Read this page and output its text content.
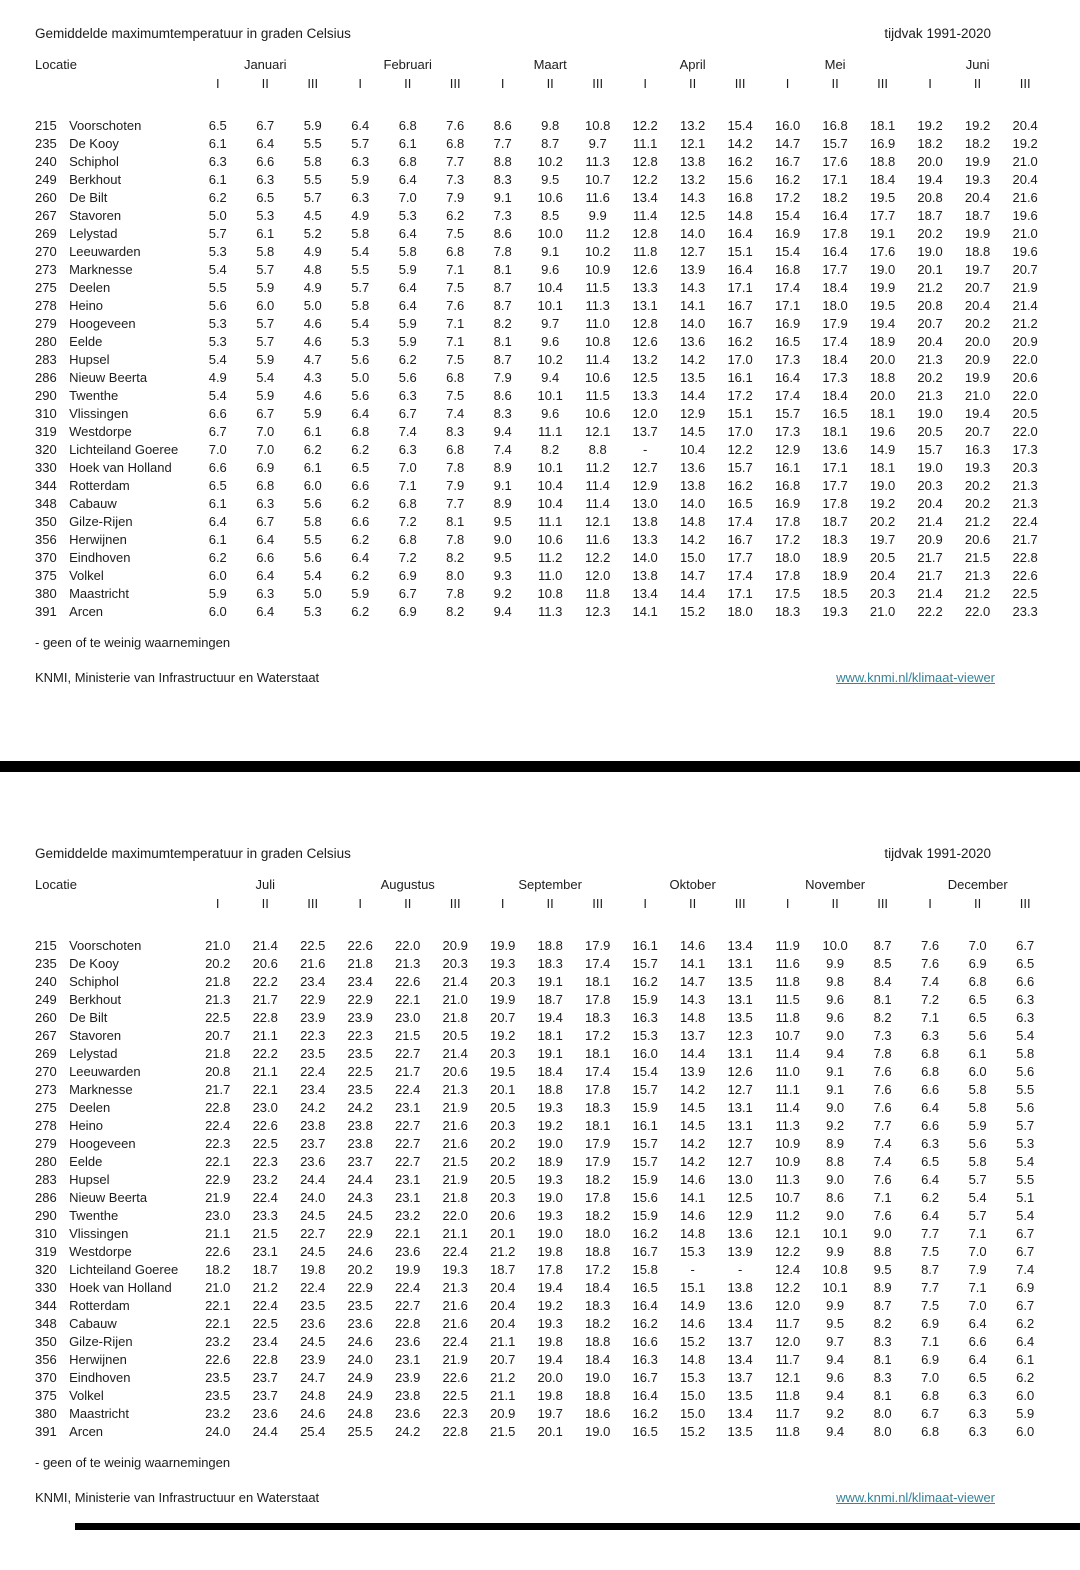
Gemiddelde maximumtemperatuur in graden Celsius	tijdvak 1991-2020
Locatie		Januari			Februari			Maart			April			Mei			Juni		
		I	II	III	I	II	III	I	II	III	I	II	III	I	II	III	I	II	III

215	Voorschoten	6.5	6.7	5.9	6.4	6.8	7.6	8.6	9.8	10.8	12.2	13.2	15.4	16.0	16.8	18.1	19.2	19.2	20.4
235	De Kooy	6.1	6.4	5.5	5.7	6.1	6.8	7.7	8.7	9.7	11.1	12.1	14.2	14.7	15.7	16.9	18.2	18.2	19.2
240	Schiphol	6.3	6.6	5.8	6.3	6.8	7.7	8.8	10.2	11.3	12.8	13.8	16.2	16.7	17.6	18.8	20.0	19.9	21.0
249	Berkhout	6.1	6.3	5.5	5.9	6.4	7.3	8.3	9.5	10.7	12.2	13.2	15.6	16.2	17.1	18.4	19.4	19.3	20.4
260	De Bilt	6.2	6.5	5.7	6.3	7.0	7.9	9.1	10.6	11.6	13.4	14.3	16.8	17.2	18.2	19.5	20.8	20.4	21.6
267	Stavoren	5.0	5.3	4.5	4.9	5.3	6.2	7.3	8.5	9.9	11.4	12.5	14.8	15.4	16.4	17.7	18.7	18.7	19.6
269	Lelystad	5.7	6.1	5.2	5.8	6.4	7.5	8.6	10.0	11.2	12.8	14.0	16.4	16.9	17.8	19.1	20.2	19.9	21.0
270	Leeuwarden	5.3	5.8	4.9	5.4	5.8	6.8	7.8	9.1	10.2	11.8	12.7	15.1	15.4	16.4	17.6	19.0	18.8	19.6
273	Marknesse	5.4	5.7	4.8	5.5	5.9	7.1	8.1	9.6	10.9	12.6	13.9	16.4	16.8	17.7	19.0	20.1	19.7	20.7
275	Deelen	5.5	5.9	4.9	5.7	6.4	7.5	8.7	10.4	11.5	13.3	14.3	17.1	17.4	18.4	19.9	21.2	20.7	21.9
278	Heino	5.6	6.0	5.0	5.8	6.4	7.6	8.7	10.1	11.3	13.1	14.1	16.7	17.1	18.0	19.5	20.8	20.4	21.4
279	Hoogeveen	5.3	5.7	4.6	5.4	5.9	7.1	8.2	9.7	11.0	12.8	14.0	16.7	16.9	17.9	19.4	20.7	20.2	21.2
280	Eelde	5.3	5.7	4.6	5.3	5.9	7.1	8.1	9.6	10.8	12.6	13.6	16.2	16.5	17.4	18.9	20.4	20.0	20.9
283	Hupsel	5.4	5.9	4.7	5.6	6.2	7.5	8.7	10.2	11.4	13.2	14.2	17.0	17.3	18.4	20.0	21.3	20.9	22.0
286	Nieuw Beerta	4.9	5.4	4.3	5.0	5.6	6.8	7.9	9.4	10.6	12.5	13.5	16.1	16.4	17.3	18.8	20.2	19.9	20.6
290	Twenthe	5.4	5.9	4.6	5.6	6.3	7.5	8.6	10.1	11.5	13.3	14.4	17.2	17.4	18.4	20.0	21.3	21.0	22.0
310	Vlissingen	6.6	6.7	5.9	6.4	6.7	7.4	8.3	9.6	10.6	12.0	12.9	15.1	15.7	16.5	18.1	19.0	19.4	20.5
319	Westdorpe	6.7	7.0	6.1	6.8	7.4	8.3	9.4	11.1	12.1	13.7	14.5	17.0	17.3	18.1	19.6	20.5	20.7	22.0
320	Lichteiland Goeree	7.0	7.0	6.2	6.2	6.3	6.8	7.4	8.2	8.8	-	10.4	12.2	12.9	13.6	14.9	15.7	16.3	17.3
330	Hoek van Holland	6.6	6.9	6.1	6.5	7.0	7.8	8.9	10.1	11.2	12.7	13.6	15.7	16.1	17.1	18.1	19.0	19.3	20.3
344	Rotterdam	6.5	6.8	6.0	6.6	7.1	7.9	9.1	10.4	11.4	12.9	13.8	16.2	16.8	17.7	19.0	20.3	20.2	21.3
348	Cabauw	6.1	6.3	5.6	6.2	6.8	7.7	8.9	10.4	11.4	13.0	14.0	16.5	16.9	17.8	19.2	20.4	20.2	21.3
350	Gilze-Rijen	6.4	6.7	5.8	6.6	7.2	8.1	9.5	11.1	12.1	13.8	14.8	17.4	17.8	18.7	20.2	21.4	21.2	22.4
356	Herwijnen	6.1	6.4	5.5	6.2	6.8	7.8	9.0	10.6	11.6	13.3	14.2	16.7	17.2	18.3	19.7	20.9	20.6	21.7
370	Eindhoven	6.2	6.6	5.6	6.4	7.2	8.2	9.5	11.2	12.2	14.0	15.0	17.7	18.0	18.9	20.5	21.7	21.5	22.8
375	Volkel	6.0	6.4	5.4	6.2	6.9	8.0	9.3	11.0	12.0	13.8	14.7	17.4	17.8	18.9	20.4	21.7	21.3	22.6
380	Maastricht	5.9	6.3	5.0	5.9	6.7	7.8	9.2	10.8	11.8	13.4	14.4	17.1	17.5	18.5	20.3	21.4	21.2	22.5
391	Arcen	6.0	6.4	5.3	6.2	6.9	8.2	9.4	11.3	12.3	14.1	15.2	18.0	18.3	19.3	21.0	22.2	22.0	23.3
- geen of te weinig waarnemingen
KNMI, Ministerie van Infrastructuur en Waterstaat	www.knmi.nl/klimaat-viewer
Gemiddelde maximumtemperatuur in graden Celsius	tijdvak 1991-2020
Locatie		Juli			Augustus			September			Oktober			November			December		
		I	II	III	I	II	III	I	II	III	I	II	III	I	II	III	I	II	III

215	Voorschoten	21.0	21.4	22.5	22.6	22.0	20.9	19.9	18.8	17.9	16.1	14.6	13.4	11.9	10.0	8.7	7.6	7.0	6.7
235	De Kooy	20.2	20.6	21.6	21.8	21.3	20.3	19.3	18.3	17.4	15.7	14.1	13.1	11.6	9.9	8.5	7.6	6.9	6.5
240	Schiphol	21.8	22.2	23.4	23.4	22.6	21.4	20.3	19.1	18.1	16.2	14.7	13.5	11.8	9.8	8.4	7.4	6.8	6.6
249	Berkhout	21.3	21.7	22.9	22.9	22.1	21.0	19.9	18.7	17.8	15.9	14.3	13.1	11.5	9.6	8.1	7.2	6.5	6.3
260	De Bilt	22.5	22.8	23.9	23.9	23.0	21.8	20.7	19.4	18.3	16.3	14.8	13.5	11.8	9.6	8.2	7.1	6.5	6.3
267	Stavoren	20.7	21.1	22.3	22.3	21.5	20.5	19.2	18.1	17.2	15.3	13.7	12.3	10.7	9.0	7.3	6.3	5.6	5.4
269	Lelystad	21.8	22.2	23.5	23.5	22.7	21.4	20.3	19.1	18.1	16.0	14.4	13.1	11.4	9.4	7.8	6.8	6.1	5.8
270	Leeuwarden	20.8	21.1	22.4	22.5	21.7	20.6	19.5	18.4	17.4	15.4	13.9	12.6	11.0	9.1	7.6	6.8	6.0	5.6
273	Marknesse	21.7	22.1	23.4	23.5	22.4	21.3	20.1	18.8	17.8	15.7	14.2	12.7	11.1	9.1	7.6	6.6	5.8	5.5
275	Deelen	22.8	23.0	24.2	24.2	23.1	21.9	20.5	19.3	18.3	15.9	14.5	13.1	11.4	9.0	7.6	6.4	5.8	5.6
278	Heino	22.4	22.6	23.8	23.8	22.7	21.6	20.3	19.2	18.1	16.1	14.5	13.1	11.3	9.2	7.7	6.6	5.9	5.7
279	Hoogeveen	22.3	22.5	23.7	23.8	22.7	21.6	20.2	19.0	17.9	15.7	14.2	12.7	10.9	8.9	7.4	6.3	5.6	5.3
280	Eelde	22.1	22.3	23.6	23.7	22.7	21.5	20.2	18.9	17.9	15.7	14.2	12.7	10.9	8.8	7.4	6.5	5.8	5.4
283	Hupsel	22.9	23.2	24.4	24.4	23.1	21.9	20.5	19.3	18.2	15.9	14.6	13.0	11.3	9.0	7.6	6.4	5.7	5.5
286	Nieuw Beerta	21.9	22.4	24.0	24.3	23.1	21.8	20.3	19.0	17.8	15.6	14.1	12.5	10.7	8.6	7.1	6.2	5.4	5.1
290	Twenthe	23.0	23.3	24.5	24.5	23.2	22.0	20.6	19.3	18.2	15.9	14.6	12.9	11.2	9.0	7.6	6.4	5.7	5.4
310	Vlissingen	21.1	21.5	22.7	22.9	22.1	21.1	20.1	19.0	18.0	16.2	14.8	13.6	12.1	10.1	9.0	7.7	7.1	6.7
319	Westdorpe	22.6	23.1	24.5	24.6	23.6	22.4	21.2	19.8	18.8	16.7	15.3	13.9	12.2	9.9	8.8	7.5	7.0	6.7
320	Lichteiland Goeree	18.2	18.7	19.8	20.2	19.9	19.3	18.7	17.8	17.2	15.8	-	-	12.4	10.8	9.5	8.7	7.9	7.4
330	Hoek van Holland	21.0	21.2	22.4	22.9	22.4	21.3	20.4	19.4	18.4	16.5	15.1	13.8	12.2	10.1	8.9	7.7	7.1	6.9
344	Rotterdam	22.1	22.4	23.5	23.5	22.7	21.6	20.4	19.2	18.3	16.4	14.9	13.6	12.0	9.9	8.7	7.5	7.0	6.7
348	Cabauw	22.1	22.5	23.6	23.6	22.8	21.6	20.4	19.3	18.2	16.2	14.6	13.4	11.7	9.5	8.2	6.9	6.4	6.2
350	Gilze-Rijen	23.2	23.4	24.5	24.6	23.6	22.4	21.1	19.8	18.8	16.6	15.2	13.7	12.0	9.7	8.3	7.1	6.6	6.4
356	Herwijnen	22.6	22.8	23.9	24.0	23.1	21.9	20.7	19.4	18.4	16.3	14.8	13.4	11.7	9.4	8.1	6.9	6.4	6.1
370	Eindhoven	23.5	23.7	24.7	24.9	23.9	22.6	21.2	20.0	19.0	16.7	15.3	13.7	12.1	9.6	8.3	7.0	6.5	6.2
375	Volkel	23.5	23.7	24.8	24.9	23.8	22.5	21.1	19.8	18.8	16.4	15.0	13.5	11.8	9.4	8.1	6.8	6.3	6.0
380	Maastricht	23.2	23.6	24.6	24.8	23.6	22.3	20.9	19.7	18.6	16.2	15.0	13.4	11.7	9.2	8.0	6.7	6.3	5.9
391	Arcen	24.0	24.4	25.4	25.5	24.2	22.8	21.5	20.1	19.0	16.5	15.2	13.5	11.8	9.4	8.0	6.8	6.3	6.0
- geen of te weinig waarnemingen
KNMI, Ministerie van Infrastructuur en Waterstaat	www.knmi.nl/klimaat-viewer
